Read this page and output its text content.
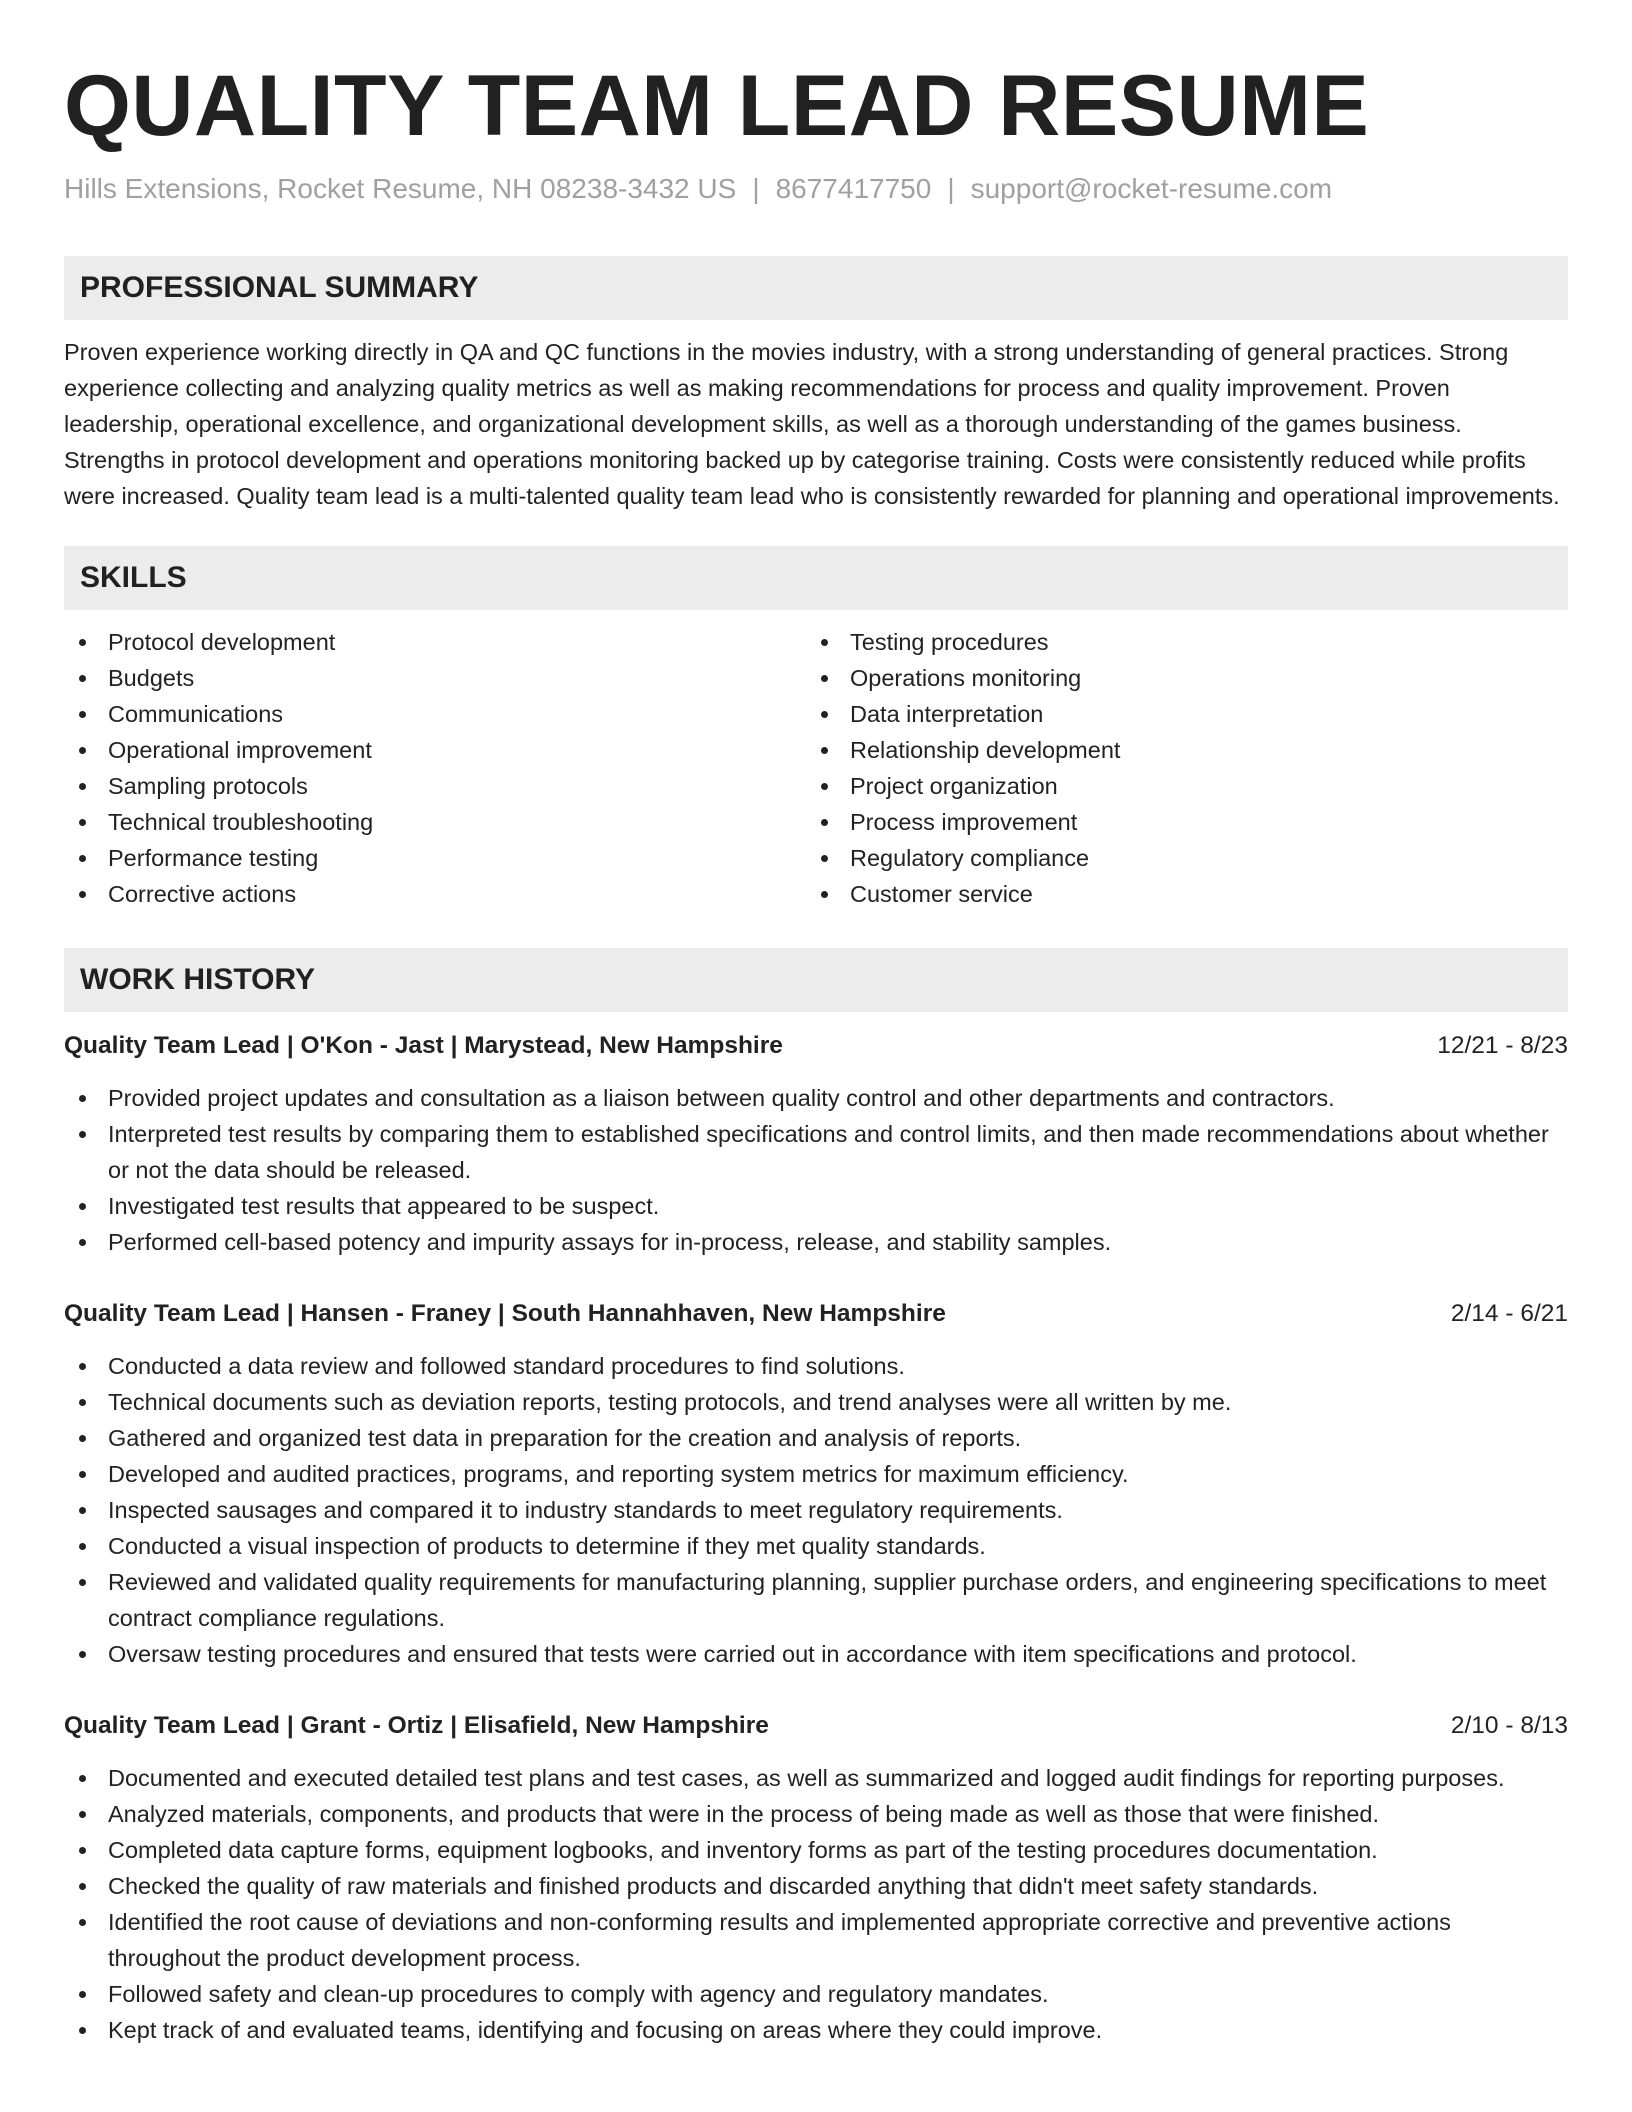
QUALITY TEAM LEAD RESUME
Hills Extensions, Rocket Resume, NH 08238-3432 US | 8677417750 | support@rocket-resume.com
PROFESSIONAL SUMMARY
Proven experience working directly in QA and QC functions in the movies industry, with a strong understanding of general practices. Strong experience collecting and analyzing quality metrics as well as making recommendations for process and quality improvement. Proven leadership, operational excellence, and organizational development skills, as well as a thorough understanding of the games business. Strengths in protocol development and operations monitoring backed up by categorise training. Costs were consistently reduced while profits were increased. Quality team lead is a multi-talented quality team lead who is consistently rewarded for planning and operational improvements.
SKILLS
Protocol development
Budgets
Communications
Operational improvement
Sampling protocols
Technical troubleshooting
Performance testing
Corrective actions
Testing procedures
Operations monitoring
Data interpretation
Relationship development
Project organization
Process improvement
Regulatory compliance
Customer service
WORK HISTORY
Quality Team Lead | O'Kon - Jast | Marystead, New Hampshire	12/21 - 8/23
Provided project updates and consultation as a liaison between quality control and other departments and contractors.
Interpreted test results by comparing them to established specifications and control limits, and then made recommendations about whether or not the data should be released.
Investigated test results that appeared to be suspect.
Performed cell-based potency and impurity assays for in-process, release, and stability samples.
Quality Team Lead | Hansen - Franey | South Hannahhaven, New Hampshire	2/14 - 6/21
Conducted a data review and followed standard procedures to find solutions.
Technical documents such as deviation reports, testing protocols, and trend analyses were all written by me.
Gathered and organized test data in preparation for the creation and analysis of reports.
Developed and audited practices, programs, and reporting system metrics for maximum efficiency.
Inspected sausages and compared it to industry standards to meet regulatory requirements.
Conducted a visual inspection of products to determine if they met quality standards.
Reviewed and validated quality requirements for manufacturing planning, supplier purchase orders, and engineering specifications to meet contract compliance regulations.
Oversaw testing procedures and ensured that tests were carried out in accordance with item specifications and protocol.
Quality Team Lead | Grant - Ortiz | Elisafield, New Hampshire	2/10 - 8/13
Documented and executed detailed test plans and test cases, as well as summarized and logged audit findings for reporting purposes.
Analyzed materials, components, and products that were in the process of being made as well as those that were finished.
Completed data capture forms, equipment logbooks, and inventory forms as part of the testing procedures documentation.
Checked the quality of raw materials and finished products and discarded anything that didn't meet safety standards.
Identified the root cause of deviations and non-conforming results and implemented appropriate corrective and preventive actions throughout the product development process.
Followed safety and clean-up procedures to comply with agency and regulatory mandates.
Kept track of and evaluated teams, identifying and focusing on areas where they could improve.
